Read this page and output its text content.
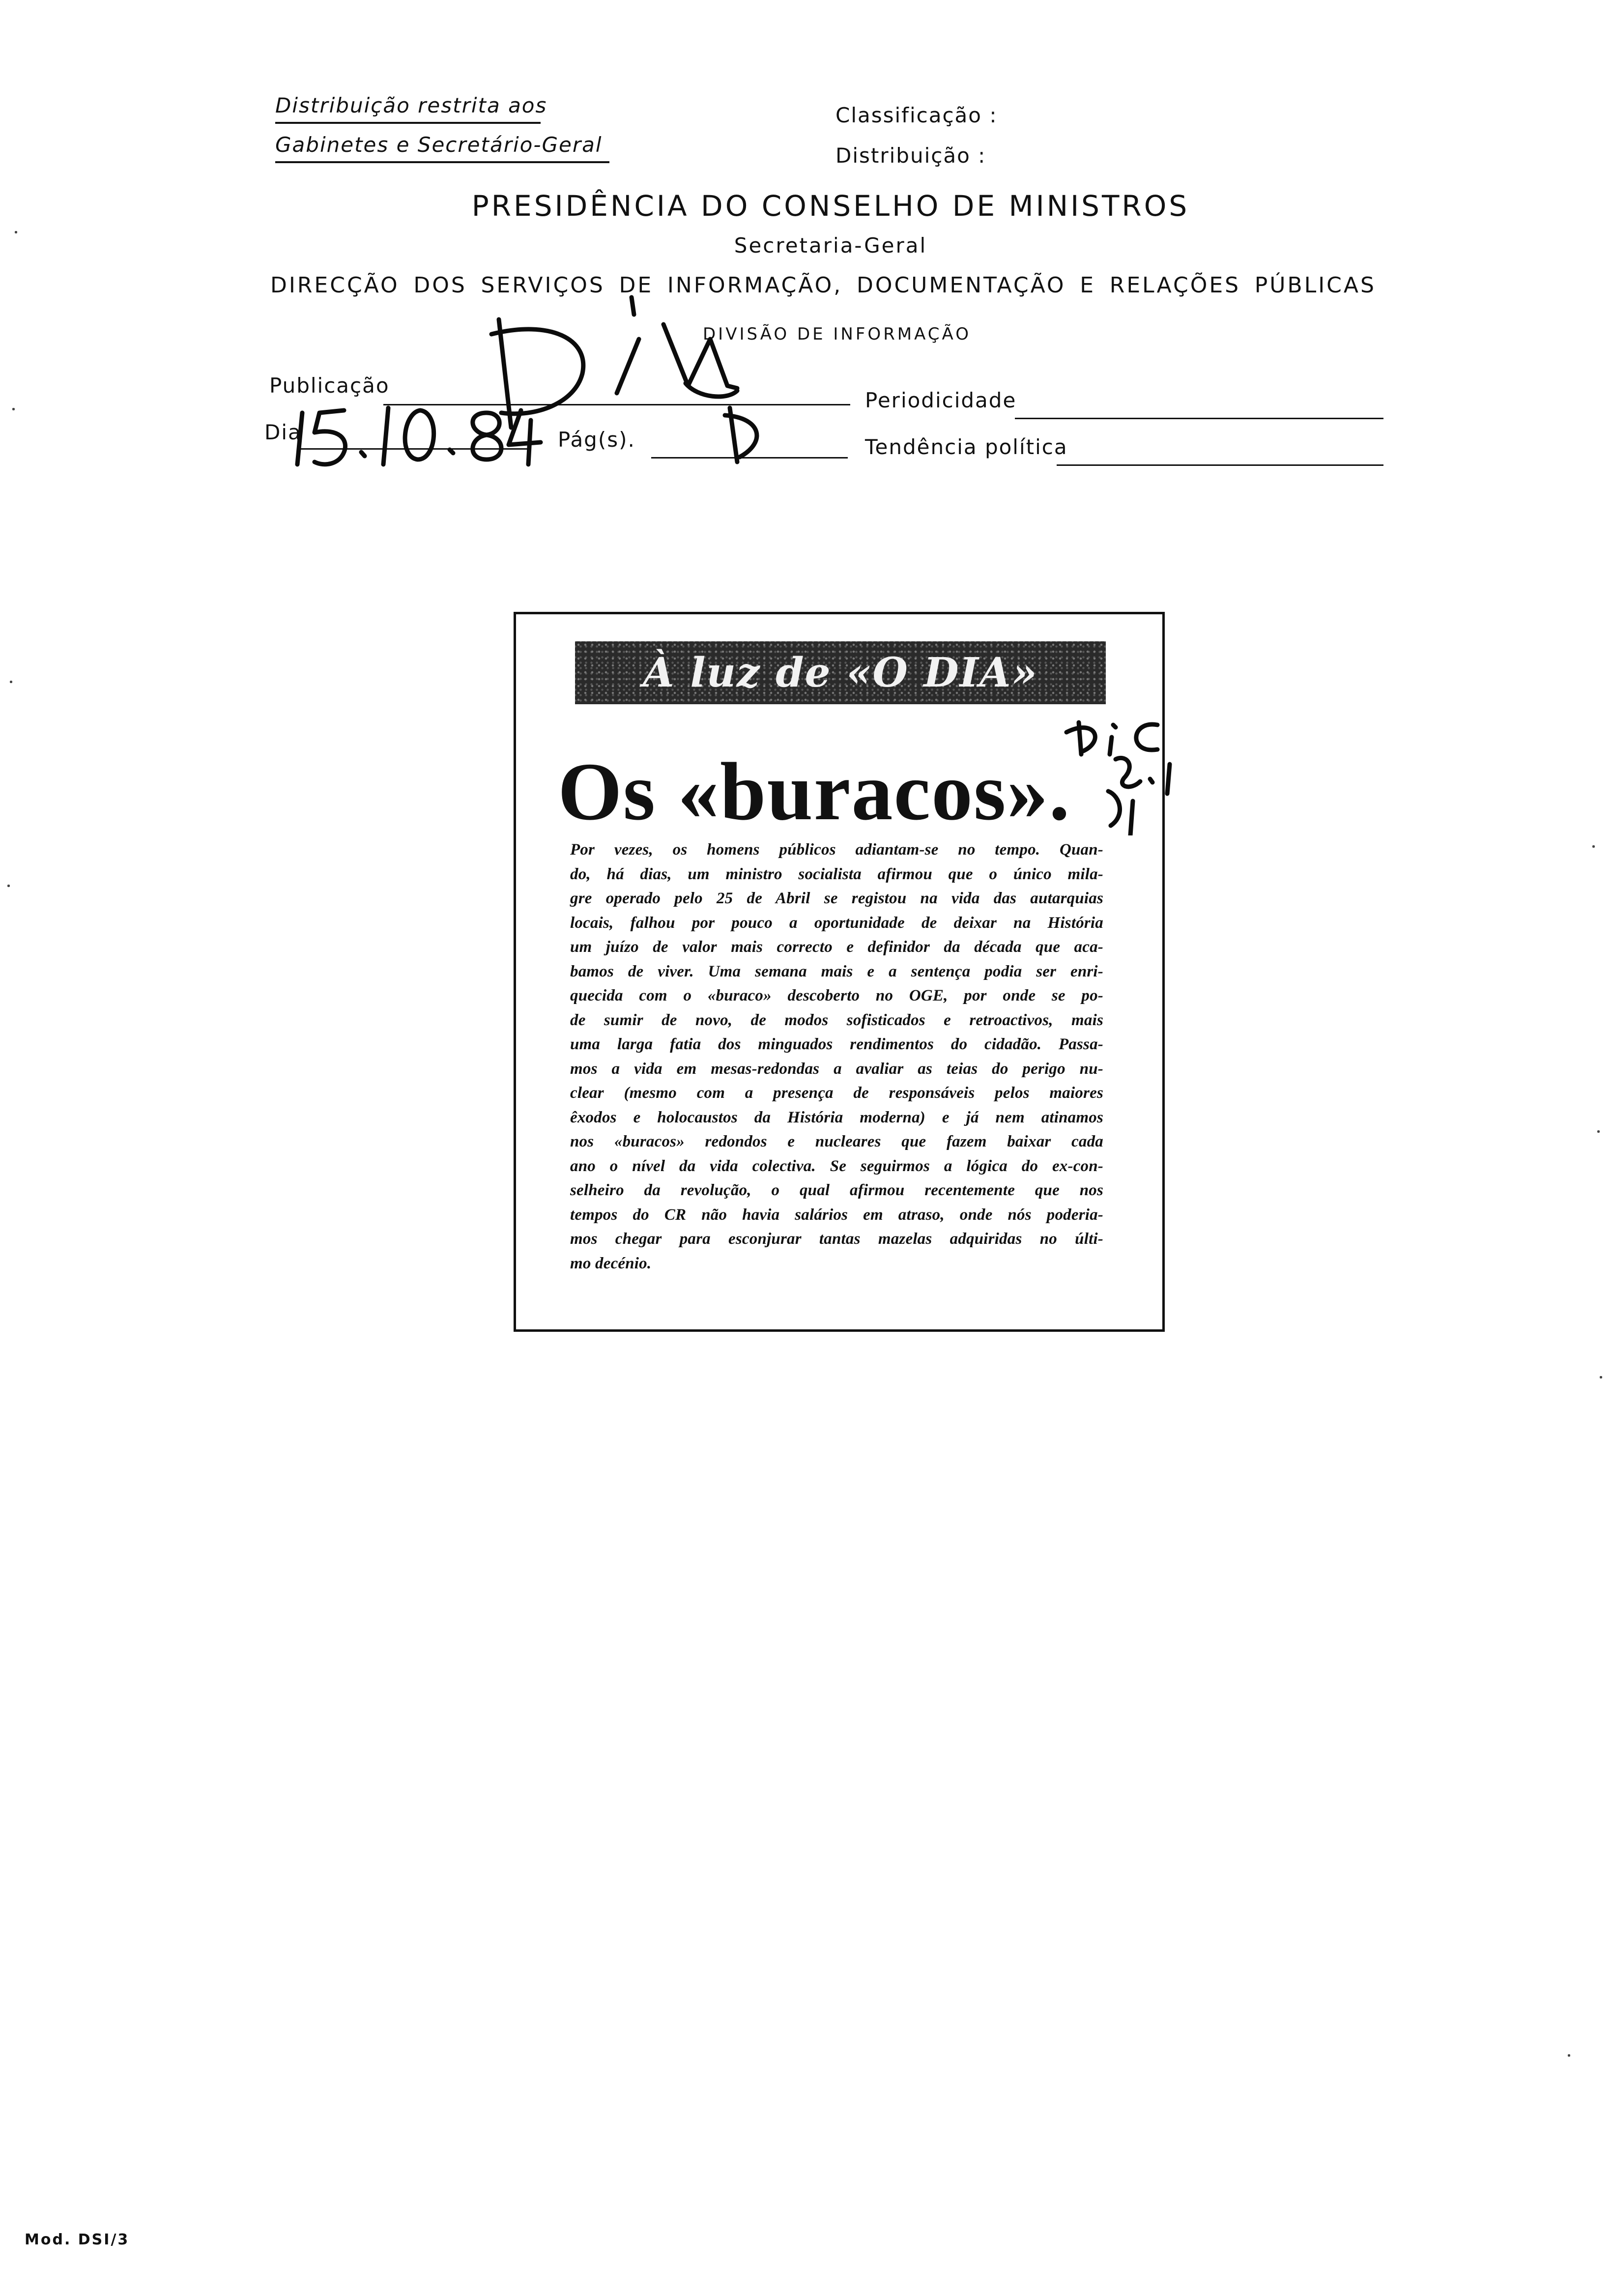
Distribuição restrita aos
Gabinetes e Secretário-Geral
Classificação :
Distribuição :
PRESIDÊNCIA DO CONSELHO DE MINISTROS
Secretaria-Geral
DIRECÇÃO DOS SERVIÇOS DE INFORMAÇÃO, DOCUMENTAÇÃO E RELAÇÕES PÚBLICAS
DIVISÃO DE INFORMAÇÃO
Publicação
Periodicidade
Dia	Pág(s).	Tendência política
À luz de «O DIA»
Os «buracos».
Por vezes, os homens públicos adiantam-se no tempo. Quan-
do, há dias, um ministro socialista afirmou que o único mila-
gre operado pelo 25 de Abril se registou na vida das autarquias
locais, falhou por pouco a oportunidade de deixar na História
um juízo de valor mais correcto e definidor da década que aca-
bamos de viver. Uma semana mais e a sentença podia ser enri-
quecida com o «buraco» descoberto no OGE, por onde se po-
de sumir de novo, de modos sofisticados e retroactivos, mais
uma larga fatia dos minguados rendimentos do cidadão. Passa-
mos a vida em mesas-redondas a avaliar as teias do perigo nu-
clear (mesmo com a presença de responsáveis pelos maiores
êxodos e holocaustos da História moderna) e já nem atinamos
nos «buracos» redondos e nucleares que fazem baixar cada
ano o nível da vida colectiva. Se seguirmos a lógica do ex-con-
selheiro da revolução, o qual afirmou recentemente que nos
tempos do CR não havia salários em atraso, onde nós poderia-
mos chegar para esconjurar tantas mazelas adquiridas no últi-
mo decénio.
Mod. DSI/3
